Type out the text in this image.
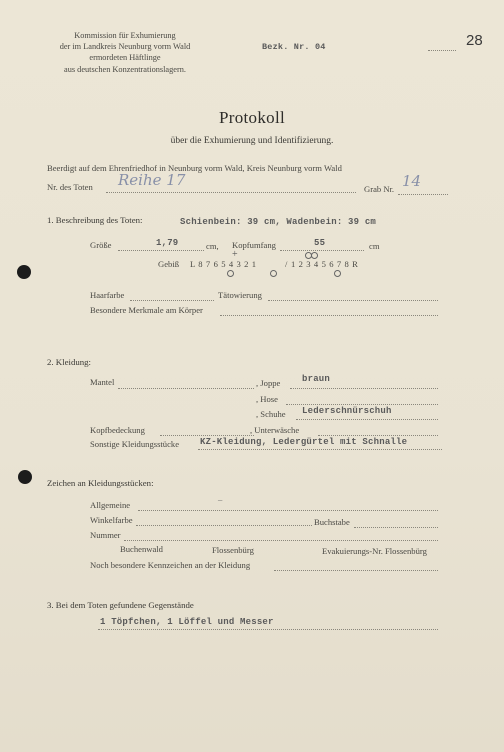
28
Kommission für Exhumierung
der im Landkreis Neunburg vorm Wald
ermordeten Häftlinge
aus deutschen Konzentrationslagern.
Bezk. Nr. 04
Protokoll
über die Exhumierung und Identifizierung.
Beerdigt auf dem Ehrenfriedhof in Neunburg vorm Wald, Kreis Neunburg vorm Wald
Nr. des Toten Reihe 17	Grab Nr. 14
1. Beschreibung des Toten:	Schienbein: 39 cm, Wadenbein: 39 cm
Größe	1,79	cm, Kopfumfang	55	cm
Gebiß L 8 7 6 5 4 3 2 1	/ 1 2 3 4 5 6 7 8 R
+
Haarfarbe	Tätowierung
Besondere Merkmale am Körper
2. Kleidung:
Mantel	, Joppe braun
, Hose
, Schuhe Lederschnürschuh
Kopfbedeckung	, Unterwäsche
Sonstige Kleidungsstücke KZ-Kleidung, Ledergürtel mit Schnalle
Zeichen an Kleidungsstücken:
Allgemeine
–
Winkelfarbe	Buchstabe
Nummer
Buchenwald	Flossenbürg	Evakuierungs-Nr. Flossenbürg
Noch besondere Kennzeichen an der Kleidung
3. Bei dem Toten gefundene Gegenstände
1 Töpfchen, 1 Löffel und Messer
